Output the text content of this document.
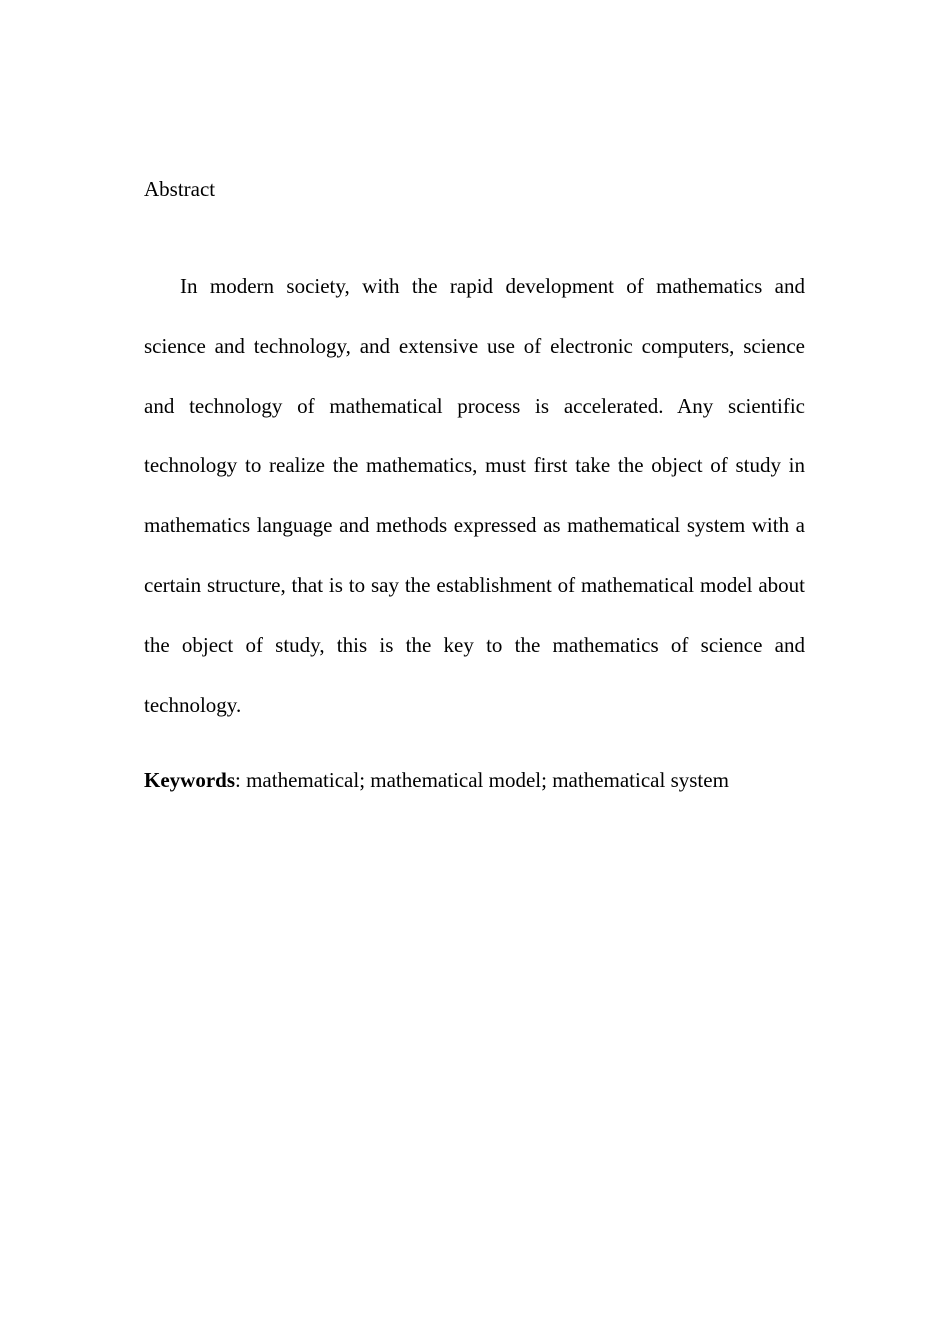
Abstract

In modern society, with the rapid development of mathematics and science and technology, and extensive use of electronic computers, science and technology of mathematical process is accelerated. Any scientific technology to realize the mathematics, must first take the object of study in mathematics language and methods expressed as mathematical system with a certain structure, that is to say the establishment of mathematical model about the object of study, this is the key to the mathematics of science and technology.

Keywords: mathematical; mathematical model; mathematical system
